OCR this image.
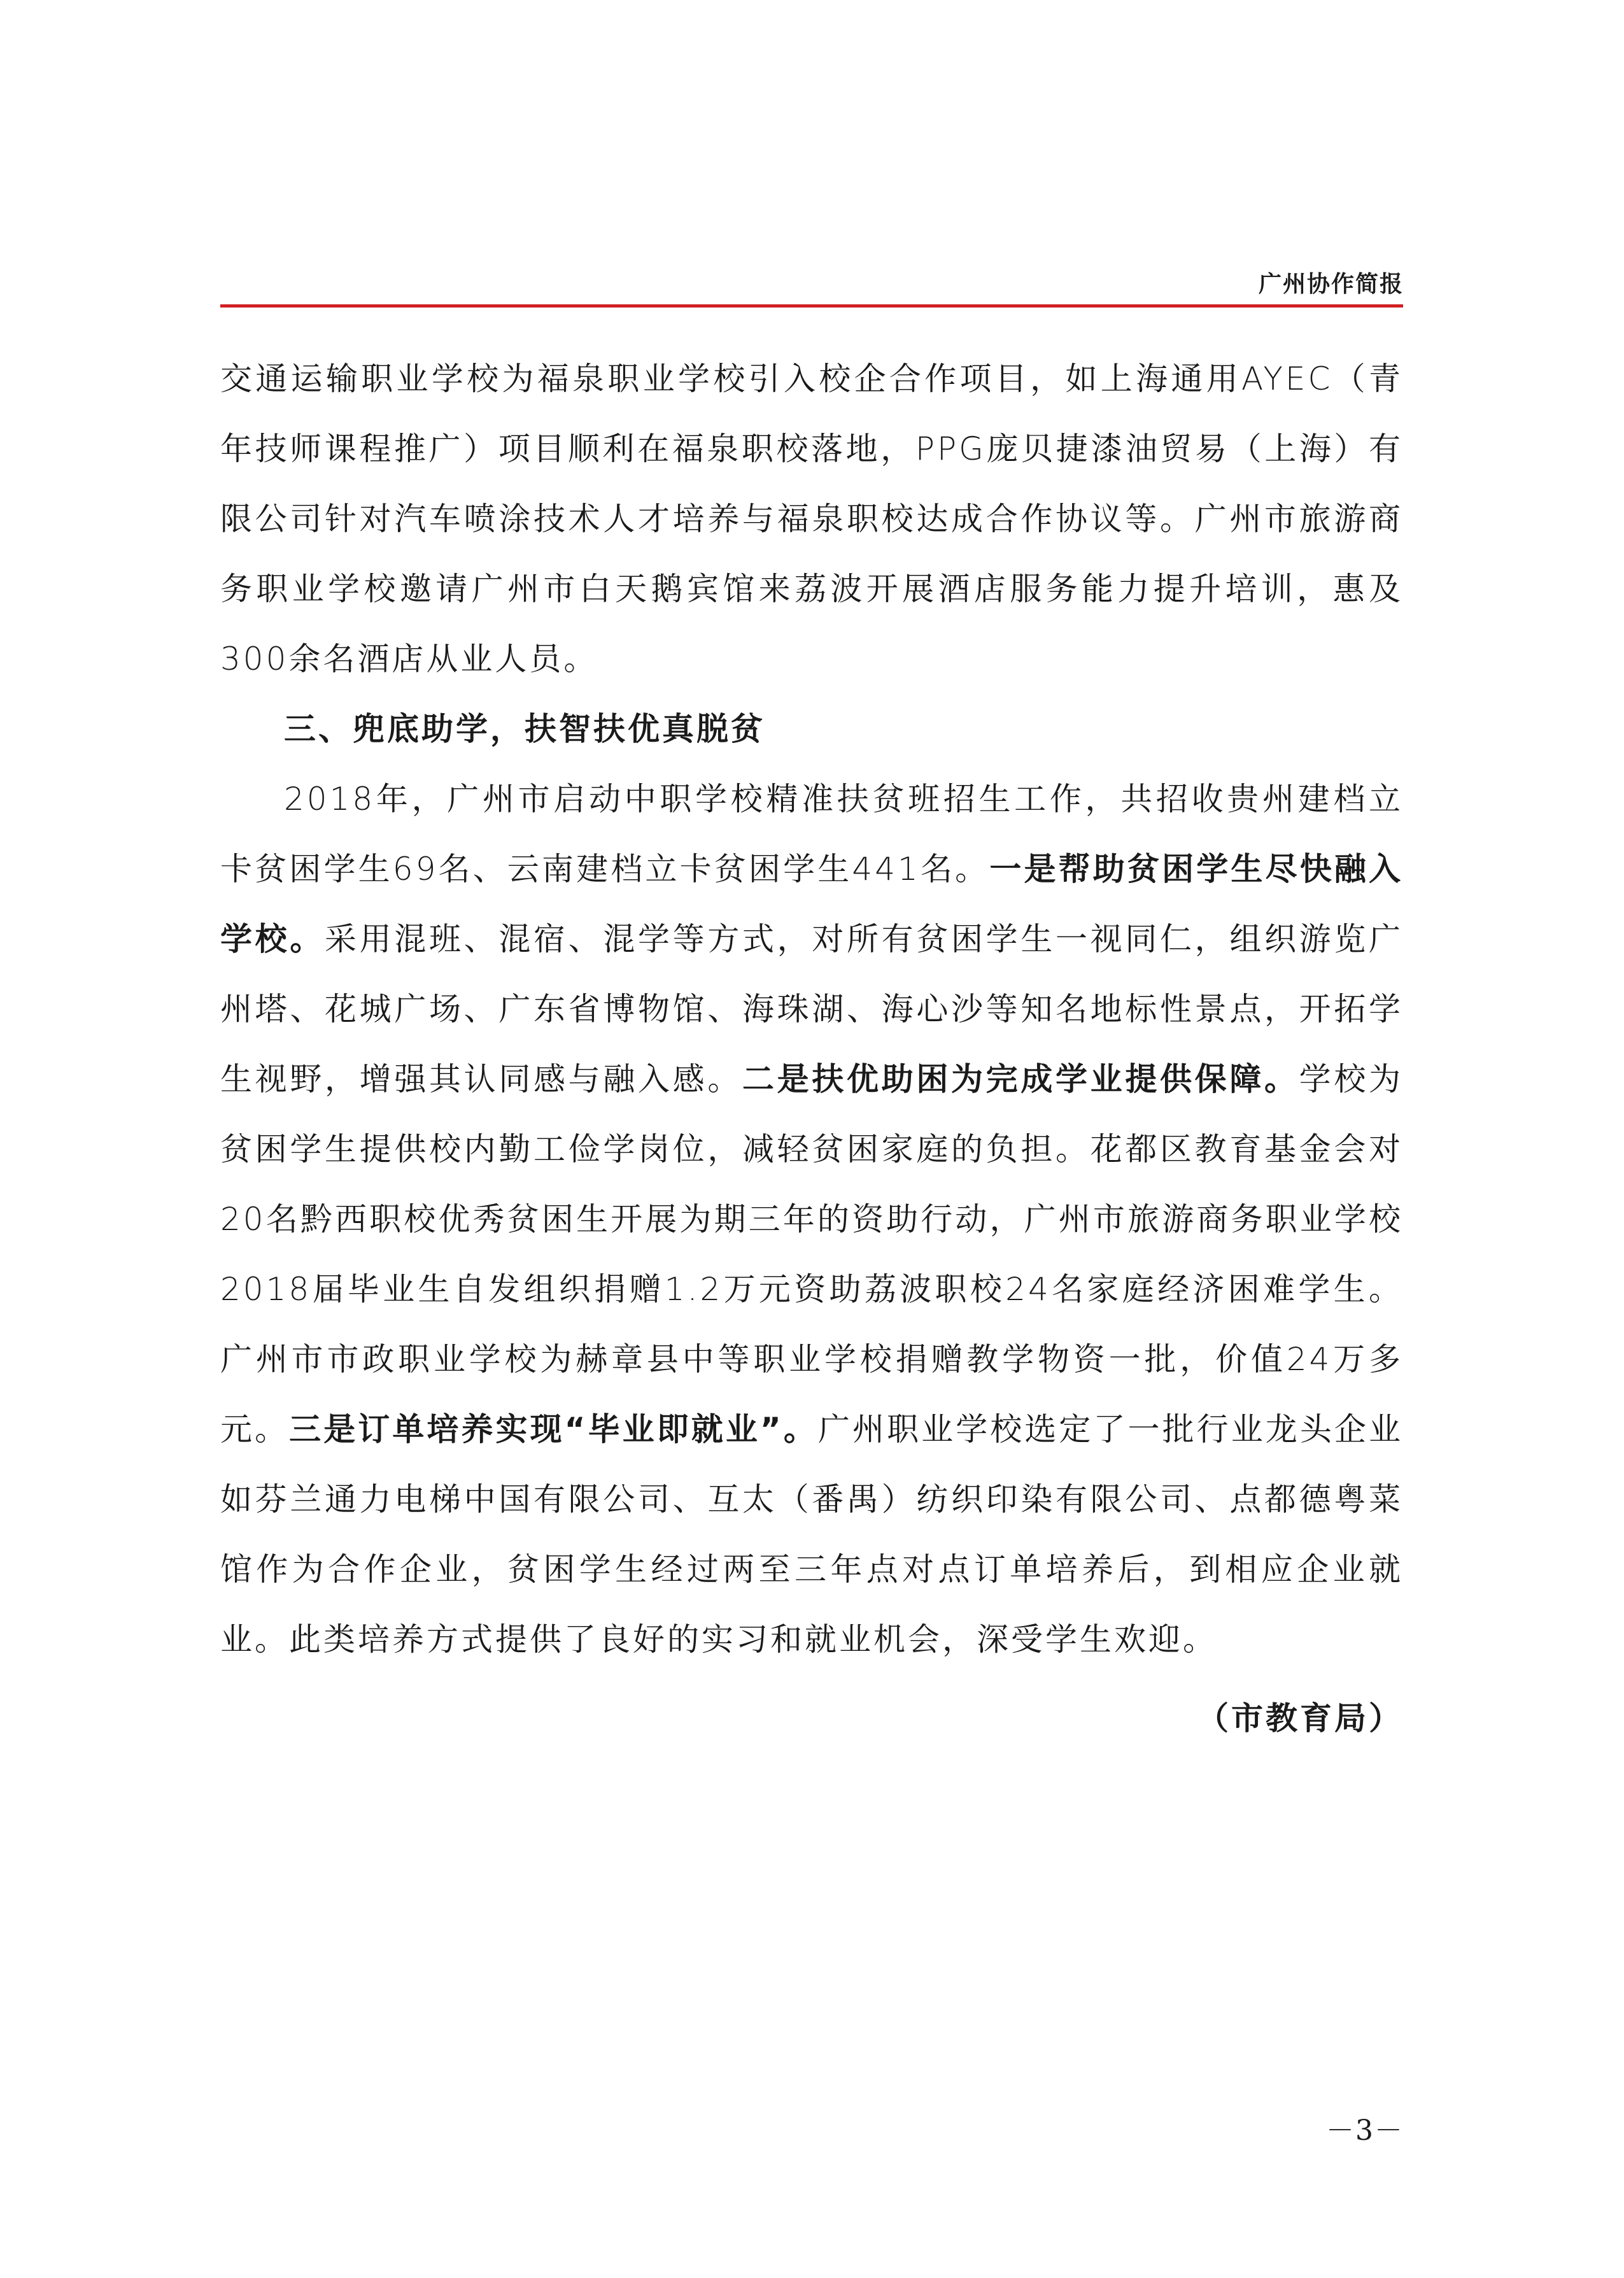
广州协作简报

交通运输职业学校为福泉职业学校引入校企合作项目，如上海通用AYEC（青年技师课程推广）项目顺利在福泉职校落地，PPG庞贝捷漆油贸易（上海）有限公司针对汽车喷涂技术人才培养与福泉职校达成合作协议等。广州市旅游商务职业学校邀请广州市白天鹅宾馆来荔波开展酒店服务能力提升培训，惠及300余名酒店从业人员。

三、兜底助学，扶智扶优真脱贫

2018年，广州市启动中职学校精准扶贫班招生工作，共招收贵州建档立卡贫困学生69名、云南建档立卡贫困学生441名。一是帮助贫困学生尽快融入学校。采用混班、混宿、混学等方式，对所有贫困学生一视同仁，组织游览广州塔、花城广场、广东省博物馆、海珠湖、海心沙等知名地标性景点，开拓学生视野，增强其认同感与融入感。二是扶优助困为完成学业提供保障。学校为贫困学生提供校内勤工俭学岗位，减轻贫困家庭的负担。花都区教育基金会对20名黔西职校优秀贫困生开展为期三年的资助行动，广州市旅游商务职业学校2018届毕业生自发组织捐赠1.2万元资助荔波职校24名家庭经济困难学生。广州市市政职业学校为赫章县中等职业学校捐赠教学物资一批，价值24万多元。三是订单培养实现“毕业即就业”。广州职业学校选定了一批行业龙头企业如芬兰通力电梯中国有限公司、互太（番禺）纺织印染有限公司、点都德粤菜馆作为合作企业，贫困学生经过两至三年点对点订单培养后，到相应企业就业。此类培养方式提供了良好的实习和就业机会，深受学生欢迎。

（市教育局）

－3－
